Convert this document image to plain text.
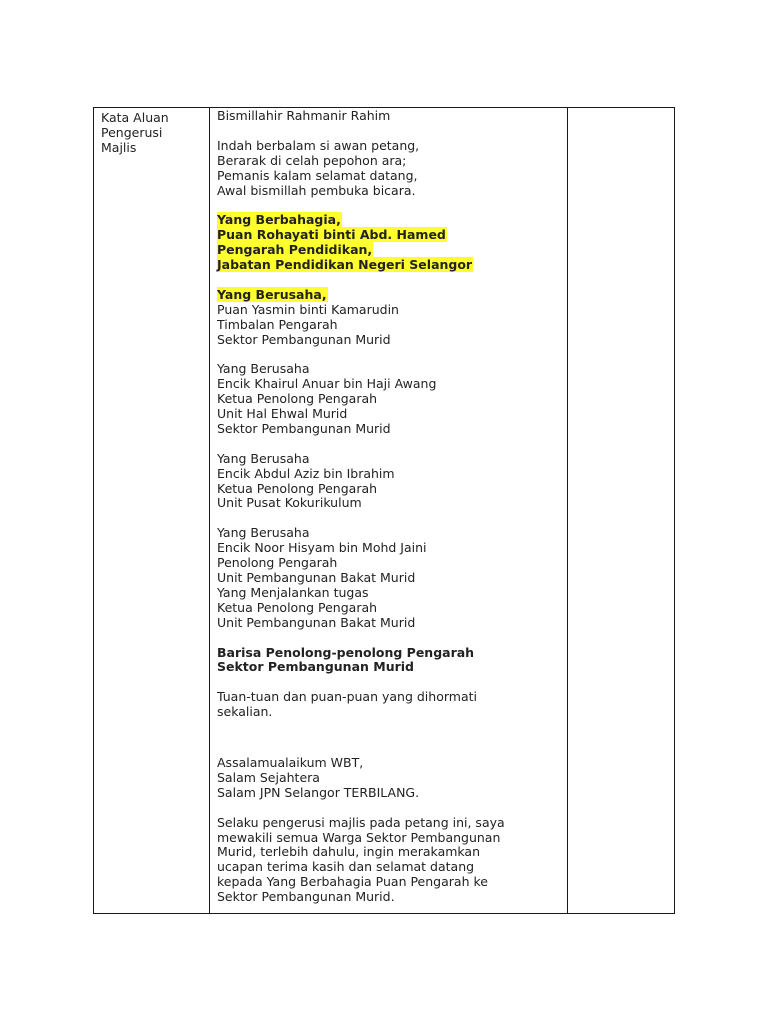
Kata Aluan
Pengerusi
Majlis
Bismillahir Rahmanir Rahim
Indah berbalam si awan petang,
Berarak di celah pepohon ara;
Pemanis kalam selamat datang,
Awal bismillah pembuka bicara.
Yang Berbahagia,
Puan Rohayati binti Abd. Hamed
Pengarah Pendidikan,
Jabatan Pendidikan Negeri Selangor
Yang Berusaha,
Puan Yasmin binti Kamarudin
Timbalan Pengarah
Sektor Pembangunan Murid
Yang Berusaha
Encik Khairul Anuar bin Haji Awang
Ketua Penolong Pengarah
Unit Hal Ehwal Murid
Sektor Pembangunan Murid
Yang Berusaha
Encik Abdul Aziz bin Ibrahim
Ketua Penolong Pengarah
Unit Pusat Kokurikulum
Yang Berusaha
Encik Noor Hisyam bin Mohd Jaini
Penolong Pengarah
Unit Pembangunan Bakat Murid
Yang Menjalankan tugas
Ketua Penolong Pengarah
Unit Pembangunan Bakat Murid
Barisa Penolong-penolong Pengarah
Sektor Pembangunan Murid
Tuan-tuan dan puan-puan yang dihormati
sekalian.
Assalamualaikum WBT,
Salam Sejahtera
Salam JPN Selangor TERBILANG.
Selaku pengerusi majlis pada petang ini, saya
mewakili semua Warga Sektor Pembangunan
Murid, terlebih dahulu, ingin merakamkan
ucapan terima kasih dan selamat datang
kepada Yang Berbahagia Puan Pengarah ke
Sektor Pembangunan Murid.
